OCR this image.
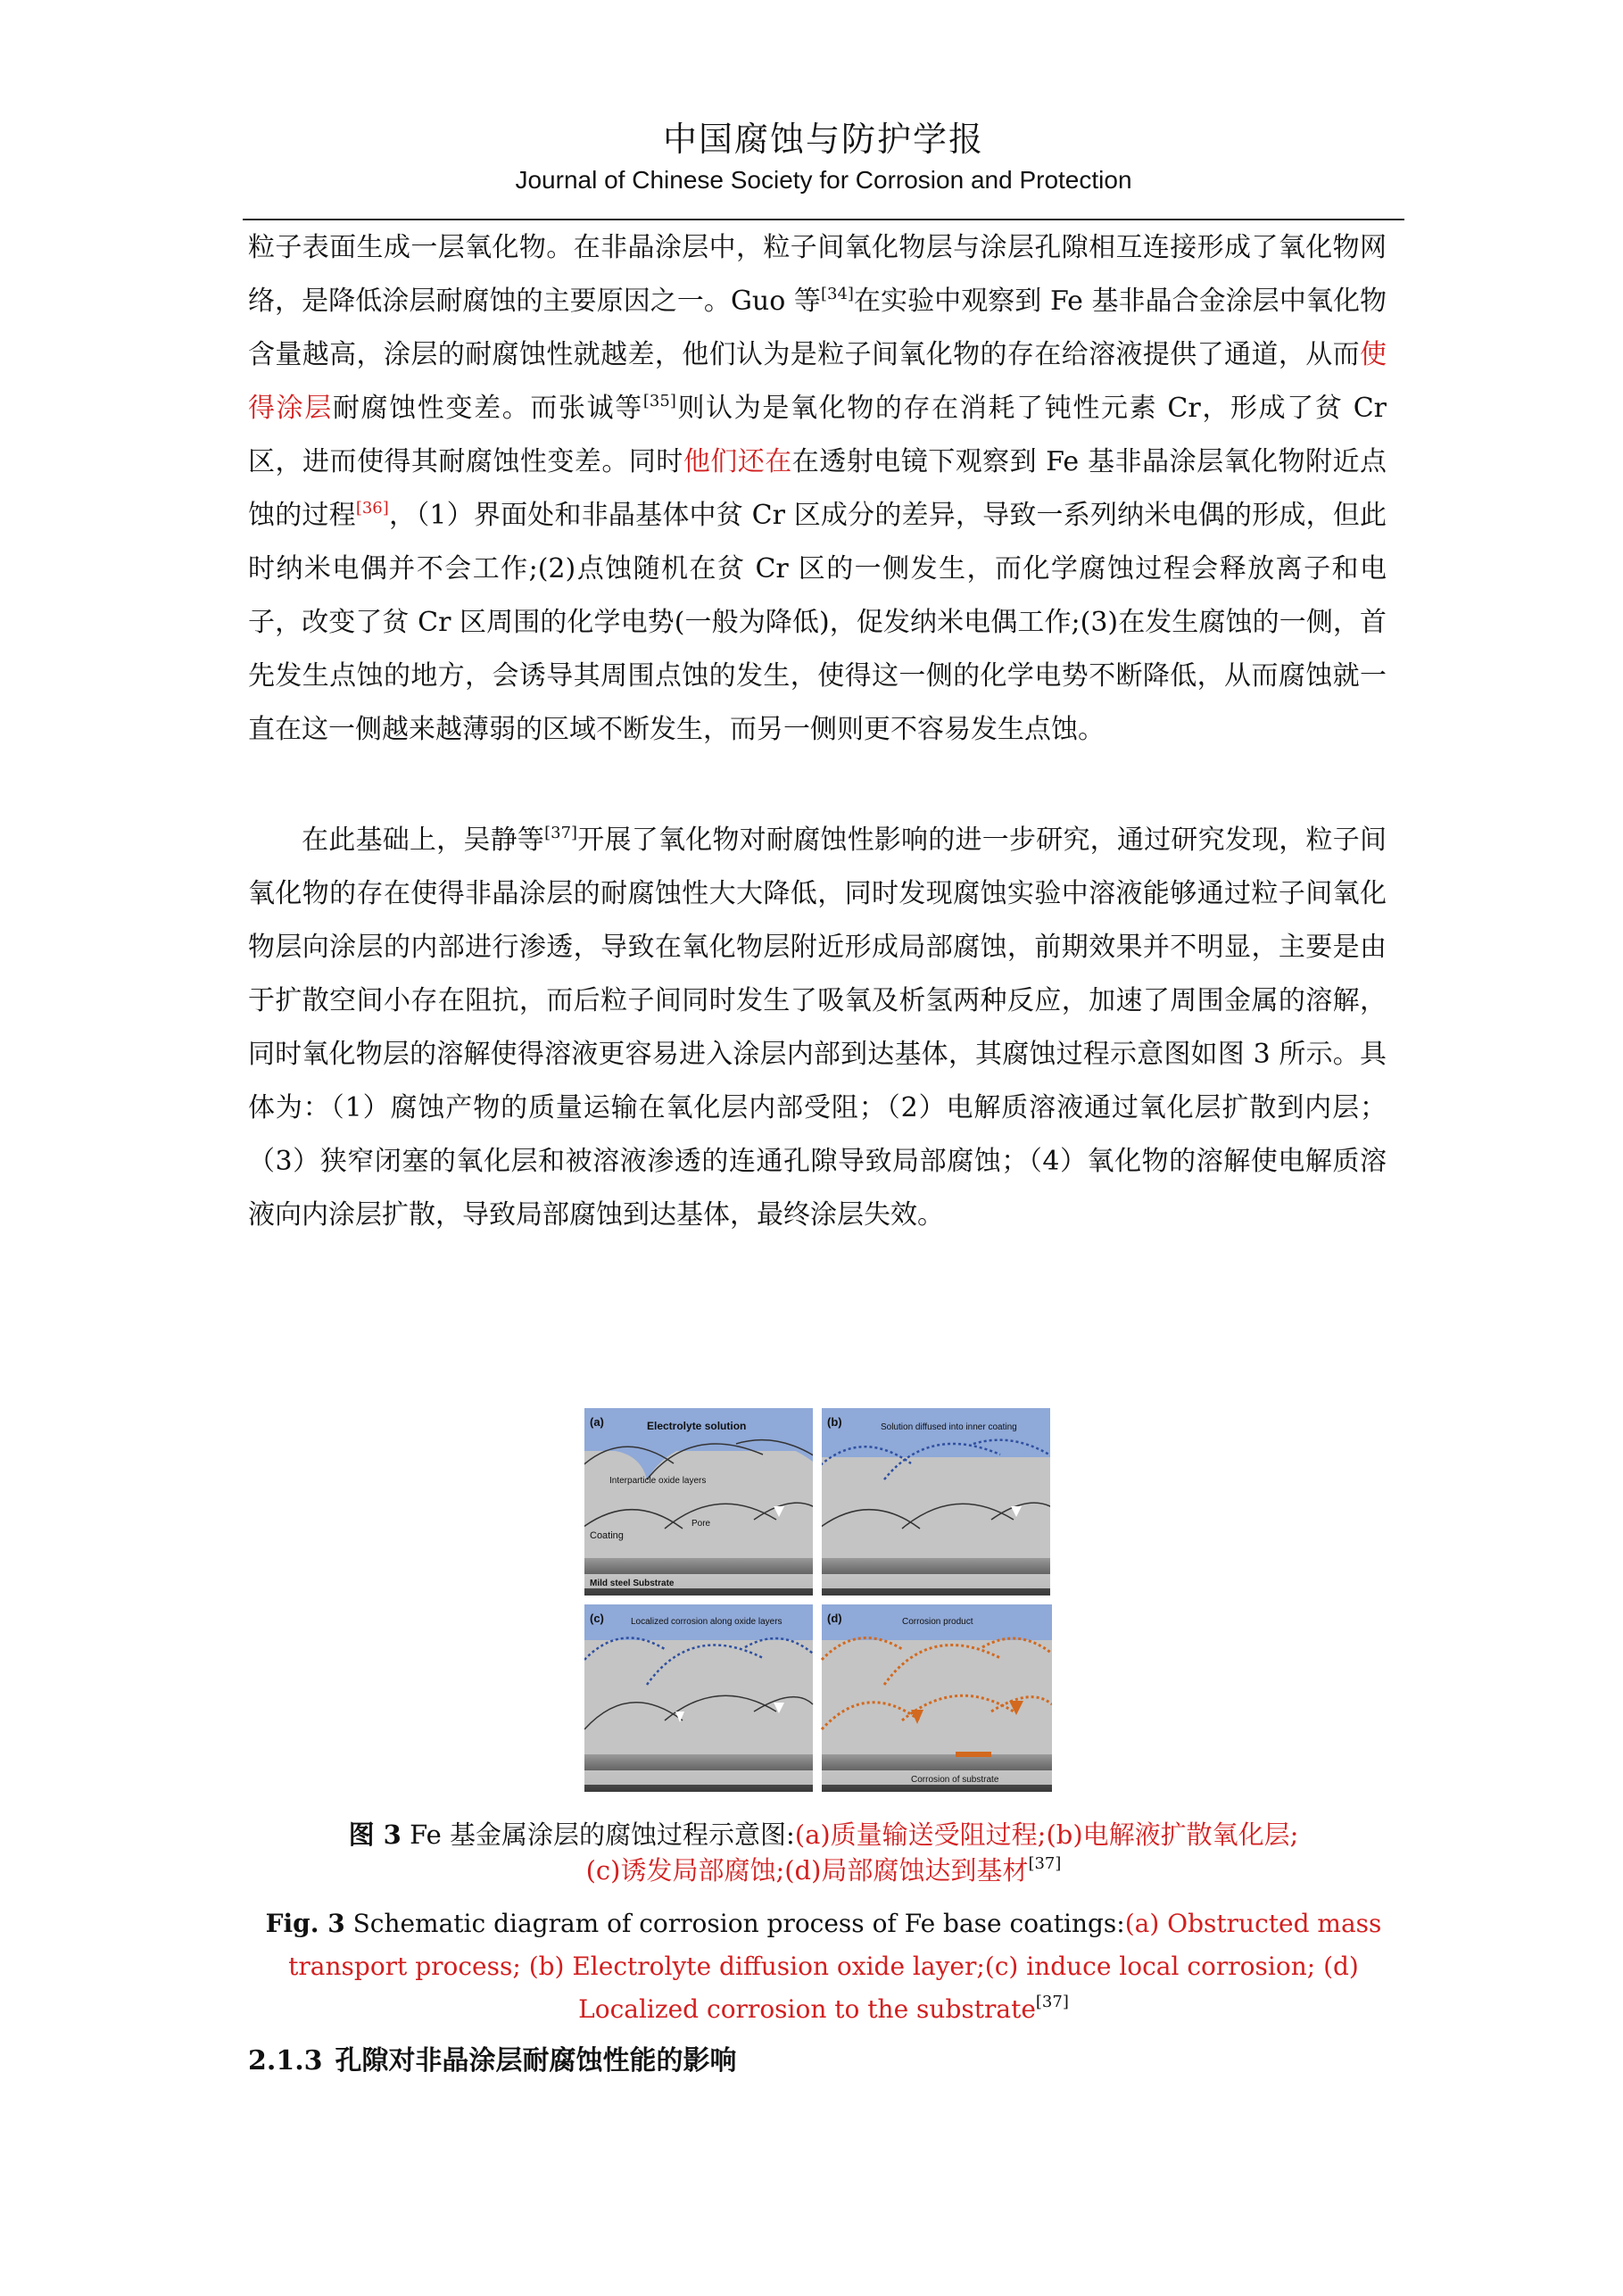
中国腐蚀与防护学报
Journal of Chinese Society for Corrosion and Protection

粒子表面生成一层氧化物。在非晶涂层中，粒子间氧化物层与涂层孔隙相互连接形成了氧化物网络，是降低涂层耐腐蚀的主要原因之一。Guo 等[34]在实验中观察到 Fe 基非晶合金涂层中氧化物含量越高，涂层的耐腐蚀性就越差，他们认为是粒子间氧化物的存在给溶液提供了通道，从而使得涂层耐腐蚀性变差。而张诚等[35]则认为是氧化物的存在消耗了钝性元素 Cr，形成了贫 Cr 区，进而使得其耐腐蚀性变差。同时他们还在在透射电镜下观察到 Fe 基非晶涂层氧化物附近点蚀的过程[36]，（1）界面处和非晶基体中贫 Cr 区成分的差异，导致一系列纳米电偶的形成，但此时纳米电偶并不会工作;(2)点蚀随机在贫 Cr 区的一侧发生，而化学腐蚀过程会释放离子和电子，改变了贫 Cr 区周围的化学电势(一般为降低)，促发纳米电偶工作;(3)在发生腐蚀的一侧，首先发生点蚀的地方，会诱导其周围点蚀的发生，使得这一侧的化学电势不断降低，从而腐蚀就一直在这一侧越来越薄弱的区域不断发生，而另一侧则更不容易发生点蚀。

在此基础上，吴静等[37]开展了氧化物对耐腐蚀性影响的进一步研究，通过研究发现，粒子间氧化物的存在使得非晶涂层的耐腐蚀性大大降低，同时发现腐蚀实验中溶液能够通过粒子间氧化物层向涂层的内部进行渗透，导致在氧化物层附近形成局部腐蚀，前期效果并不明显，主要是由于扩散空间小存在阻抗，而后粒子间同时发生了吸氧及析氢两种反应，加速了周围金属的溶解，同时氧化物层的溶解使得溶液更容易进入涂层内部到达基体，其腐蚀过程示意图如图 3 所示。具体为：（1）腐蚀产物的质量运输在氧化层内部受阻；（2）电解质溶液通过氧化层扩散到内层；（3）狭窄闭塞的氧化层和被溶液渗透的连通孔隙导致局部腐蚀；（4）氧化物的溶解使电解质溶液向内涂层扩散，导致局部腐蚀到达基体，最终涂层失效。

(a)	Electrolyte solution
Interparticle oxide layers
Pore
Coating
Mild steel Substrate
(b)	Solution diffused into inner coating
(c)	Localized corrosion along oxide layers	(d)	Corrosion product
Corrosion of substrate
图 3 Fe 基金属涂层的腐蚀过程示意图:(a)质量输送受阻过程;(b)电解液扩散氧化层;
(c)诱发局部腐蚀;(d)局部腐蚀达到基材[37]
Fig. 3 Schematic diagram of corrosion process of Fe base coatings:(a) Obstructed mass transport process; (b) Electrolyte diffusion oxide layer;(c) induce local corrosion; (d) Localized corrosion to the substrate[37]
2.1.3 孔隙对非晶涂层耐腐蚀性能的影响
